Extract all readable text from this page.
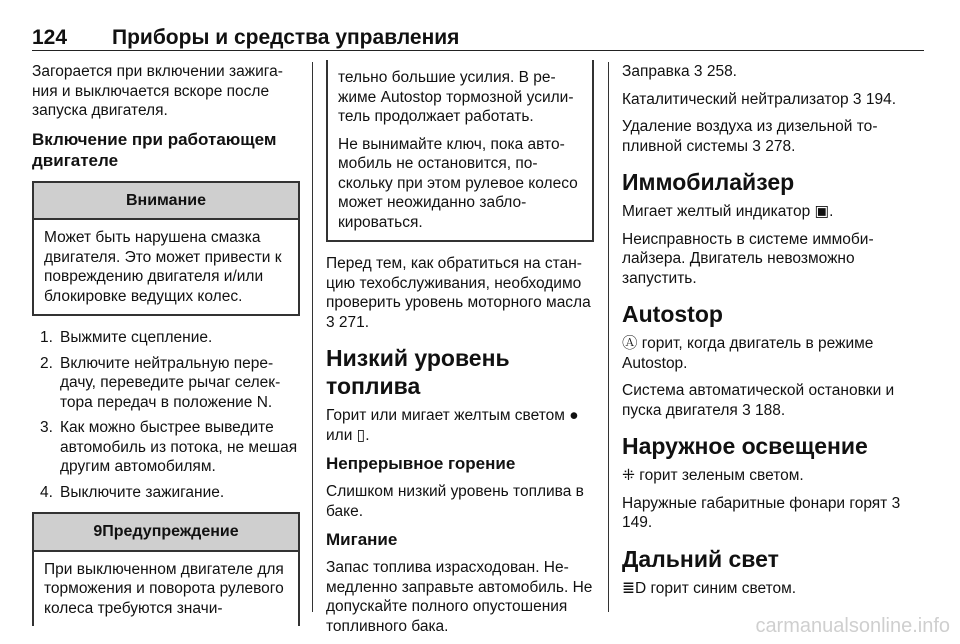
124 Приборы и средства управления

Загорается при включении зажигания и выключается вскоре после запуска двигателя.

Включение при работающем двигателе
Внимание
Может быть нарушена смазка двигателя. Это может привести к повреждению двигателя и/или блокировке ведущих колес.
1. Выжмите сцепление.
2. Включите нейтральную передачу, переведите рычаг селектора передач в положение N.
3. Как можно быстрее выведите автомобиль из потока, не мешая другим автомобилям.
4. Выключите зажигание.
9Предупреждение
При выключенном двигателе для торможения и поворота рулевого колеса требуются значи-

тельно большие усилия. В режиме Autostop тормозной усилитель продолжает работать.

Не вынимайте ключ, пока автомобиль не остановится, поскольку при этом рулевое колесо может неожиданно заблокироваться.

Перед тем, как обратиться на станцию техобслуживания, необходимо проверить уровень моторного масла 3 271.

Низкий уровень топлива

Горит или мигает желтым светом ● или ▯.

Непрерывное горение

Слишком низкий уровень топлива в баке.

Мигание

Запас топлива израсходован. Немедленно заправьте автомобиль. Не допускайте полного опустошения топливного бака.

Заправка 3 258.

Каталитический нейтрализатор 3 194.

Удаление воздуха из дизельной топливной системы 3 278.

Иммобилайзер

Мигает желтый индикатор ▣.

Неисправность в системе иммобилайзера. Двигатель невозможно запустить.

Autostop

Ⓐ горит, когда двигатель в режиме Autostop.

Система автоматической остановки и пуска двигателя 3 188.

Наружное освещение

⁜ горит зеленым светом.

Наружные габаритные фонари горят 3 149.

Дальний свет

≣D горит синим светом.

carmanualsonline.info
